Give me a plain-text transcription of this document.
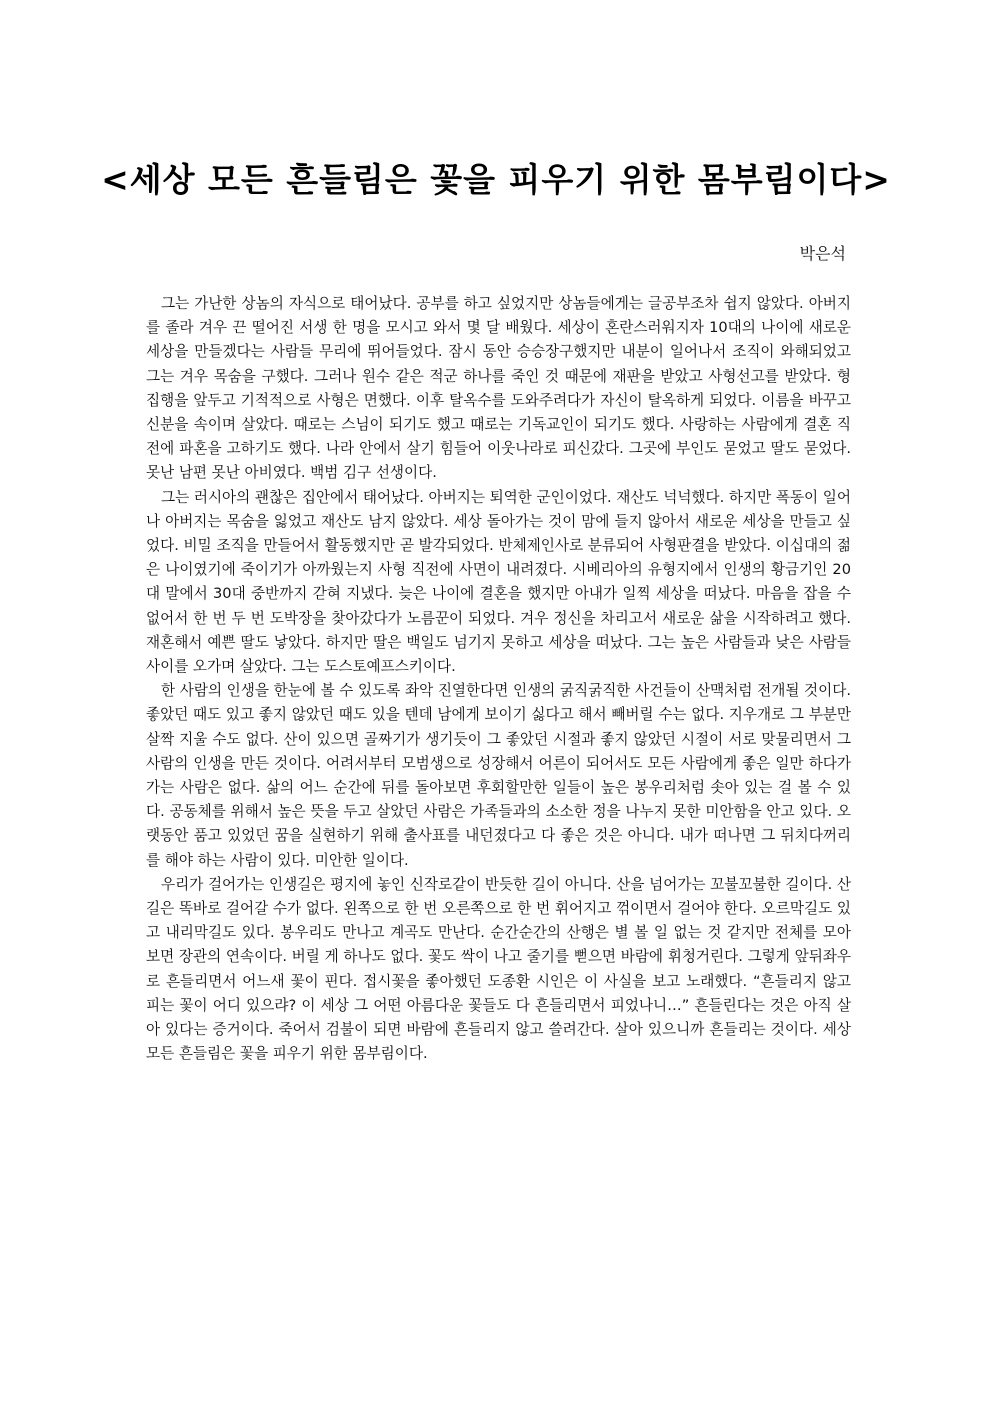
<세상 모든 흔들림은 꽃을 피우기 위한 몸부림이다>
박은석

그는 가난한 상놈의 자식으로 태어났다. 공부를 하고 싶었지만 상놈들에게는 글공부조차 쉽지 않았다. 아버지를 졸라 겨우 끈 떨어진 서생 한 명을 모시고 와서 몇 달 배웠다. 세상이 혼란스러워지자 10대의 나이에 새로운 세상을 만들겠다는 사람들 무리에 뛰어들었다. 잠시 동안 승승장구했지만 내분이 일어나서 조직이 와해되었고 그는 겨우 목숨을 구했다. 그러나 원수 같은 적군 하나를 죽인 것 때문에 재판을 받았고 사형선고를 받았다. 형 집행을 앞두고 기적적으로 사형은 면했다. 이후 탈옥수를 도와주려다가 자신이 탈옥하게 되었다. 이름을 바꾸고 신분을 속이며 살았다. 때로는 스님이 되기도 했고 때로는 기독교인이 되기도 했다. 사랑하는 사람에게 결혼 직전에 파혼을 고하기도 했다. 나라 안에서 살기 힘들어 이웃나라로 피신갔다. 그곳에 부인도 묻었고 딸도 묻었다. 못난 남편 못난 아비였다. 백범 김구 선생이다.

그는 러시아의 괜찮은 집안에서 태어났다. 아버지는 퇴역한 군인이었다. 재산도 넉넉했다. 하지만 폭동이 일어나 아버지는 목숨을 잃었고 재산도 남지 않았다. 세상 돌아가는 것이 맘에 들지 않아서 새로운 세상을 만들고 싶었다. 비밀 조직을 만들어서 활동했지만 곧 발각되었다. 반체제인사로 분류되어 사형판결을 받았다. 이십대의 젊은 나이였기에 죽이기가 아까웠는지 사형 직전에 사면이 내려졌다. 시베리아의 유형지에서 인생의 황금기인 20대 말에서 30대 중반까지 갇혀 지냈다. 늦은 나이에 결혼을 했지만 아내가 일찍 세상을 떠났다. 마음을 잡을 수 없어서 한 번 두 번 도박장을 찾아갔다가 노름꾼이 되었다. 겨우 정신을 차리고서 새로운 삶을 시작하려고 했다. 재혼해서 예쁜 딸도 낳았다. 하지만 딸은 백일도 넘기지 못하고 세상을 떠났다. 그는 높은 사람들과 낮은 사람들 사이를 오가며 살았다. 그는 도스토예프스키이다.

한 사람의 인생을 한눈에 볼 수 있도록 좌악 진열한다면 인생의 굵직굵직한 사건들이 산맥처럼 전개될 것이다. 좋았던 때도 있고 좋지 않았던 때도 있을 텐데 남에게 보이기 싫다고 해서 빼버릴 수는 없다. 지우개로 그 부분만 살짝 지울 수도 없다. 산이 있으면 골짜기가 생기듯이 그 좋았던 시절과 좋지 않았던 시절이 서로 맞물리면서 그 사람의 인생을 만든 것이다. 어려서부터 모범생으로 성장해서 어른이 되어서도 모든 사람에게 좋은 일만 하다가 가는 사람은 없다. 삶의 어느 순간에 뒤를 돌아보면 후회할만한 일들이 높은 봉우리처럼 솟아 있는 걸 볼 수 있다. 공동체를 위해서 높은 뜻을 두고 살았던 사람은 가족들과의 소소한 정을 나누지 못한 미안함을 안고 있다. 오랫동안 품고 있었던 꿈을 실현하기 위해 출사표를 내던졌다고 다 좋은 것은 아니다. 내가 떠나면 그 뒤치다꺼리를 해야 하는 사람이 있다. 미안한 일이다.

우리가 걸어가는 인생길은 평지에 놓인 신작로같이 반듯한 길이 아니다. 산을 넘어가는 꼬불꼬불한 길이다. 산길은 똑바로 걸어갈 수가 없다. 왼쪽으로 한 번 오른쪽으로 한 번 휘어지고 꺾이면서 걸어야 한다. 오르막길도 있고 내리막길도 있다. 봉우리도 만나고 계곡도 만난다. 순간순간의 산행은 별 볼 일 없는 것 같지만 전체를 모아 보면 장관의 연속이다. 버릴 게 하나도 없다. 꽃도 싹이 나고 줄기를 뻗으면 바람에 휘청거린다. 그렇게 앞뒤좌우로 흔들리면서 어느새 꽃이 핀다. 접시꽃을 좋아했던 도종환 시인은 이 사실을 보고 노래했다. “흔들리지 않고 피는 꽃이 어디 있으랴? 이 세상 그 어떤 아름다운 꽃들도 다 흔들리면서 피었나니…” 흔들린다는 것은 아직 살아 있다는 증거이다. 죽어서 검불이 되면 바람에 흔들리지 않고 쓸려간다. 살아 있으니까 흔들리는 것이다. 세상 모든 흔들림은 꽃을 피우기 위한 몸부림이다.
